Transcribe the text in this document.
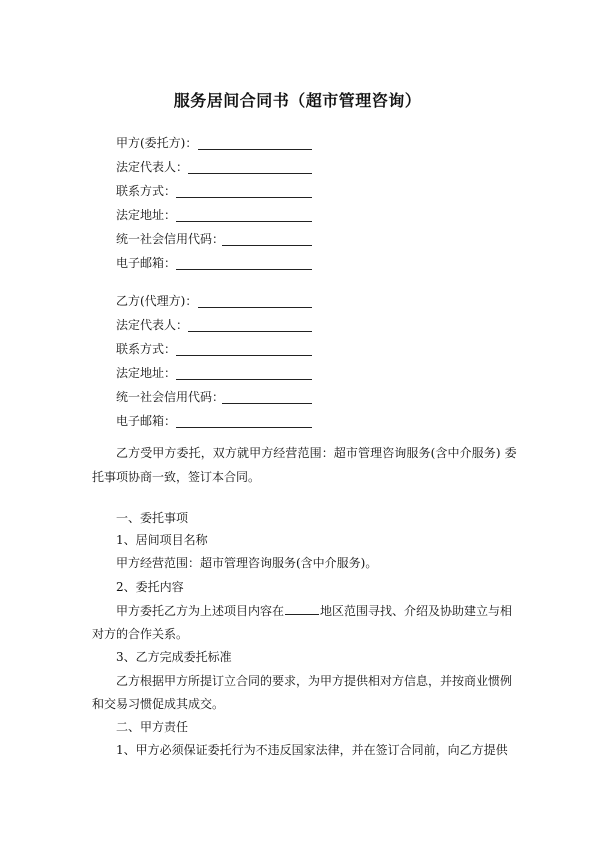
服务居间合同书（超市管理咨询）
甲方(委托方)：
法定代表人：
联系方式：
法定地址：
统一社会信用代码：
电子邮箱：
乙方(代理方)：
法定代表人：
联系方式：
法定地址：
统一社会信用代码：
电子邮箱：
乙方受甲方委托，双方就甲方经营范围：超市管理咨询服务(含中介服务) 委
托事项协商一致，签订本合同。
一、委托事项
1、居间项目名称
甲方经营范围：超市管理咨询服务(含中介服务)。
2、委托内容
甲方委托乙方为上述项目内容在	地区范围寻找、介绍及协助建立与相
对方的合作关系。
3、乙方完成委托标准
乙方根据甲方所提订立合同的要求，为甲方提供相对方信息，并按商业惯例
和交易习惯促成其成交。
二、甲方责任
1、甲方必须保证委托行为不违反国家法律，并在签订合同前，向乙方提供
